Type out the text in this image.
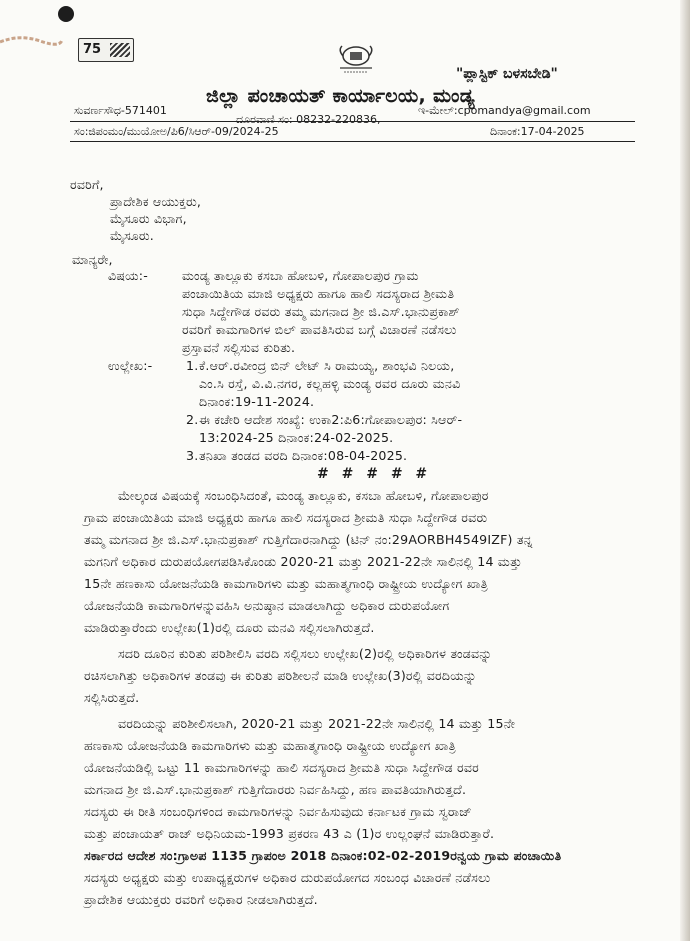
75
"ಪ್ಲಾಸ್ಟಿಕ್ ಬಳಸಬೇಡಿ"
ಜಿಲ್ಲಾ ಪಂಚಾಯತ್ ಕಾರ್ಯಾಲಯ, ಮಂಡ್ಯ
ಸುವರ್ಣಸೌಧ-571401
ದೂರವಾಣಿ ಸಂ: 08232-220836,
ಇ-ಮೇಲ್:cpomandya@gmail.com
ಸಂ:ಜಿಪಂಮಂ/ಮುಯೋಅ/ಪಿ6/ಸಿಆರ್-09/2024-25	ದಿನಾಂಕ:17-04-2025
ರವರಿಗೆ,
ಪ್ರಾದೇಶಿಕ ಆಯುಕ್ತರು,
ಮೈಸೂರು ವಿಭಾಗ,
ಮೈಸೂರು.
ಮಾನ್ಯರೇ,
ವಿಷಯ:-	ಮಂಡ್ಯ ತಾಲ್ಲೂಕು ಕಸಬಾ ಹೋಬಳಿ, ಗೋಪಾಲಪುರ ಗ್ರಾಮ
ಪಂಚಾಯಿತಿಯ ಮಾಜಿ ಅಧ್ಯಕ್ಷರು ಹಾಗೂ ಹಾಲಿ ಸದಸ್ಯರಾದ ಶ್ರೀಮತಿ
ಸುಧಾ ಸಿದ್ದೇಗೌಡ ರವರು ತಮ್ಮ ಮಗನಾದ ಶ್ರೀ ಜಿ.ಎಸ್.ಭಾನುಪ್ರಕಾಶ್
ರವರಿಗೆ ಕಾಮಗಾರಿಗಳ ಬಿಲ್ ಪಾವತಿಸಿರುವ ಬಗ್ಗೆ ವಿಚಾರಣೆ ನಡೆಸಲು
ಪ್ರಸ್ತಾವನೆ ಸಲ್ಲಿಸುವ ಕುರಿತು.
ಉಲ್ಲೇಖ:-	1. ಕೆ.ಆರ್.ರವೀಂದ್ರ ಬಿನ್ ಲೇಟ್ ಸಿ ರಾಮಯ್ಯ, ಶಾಂಭವಿ ನಿಲಯ,
ಎಂ.ಸಿ ರಸ್ತೆ, ವಿ.ವಿ.ನಗರ, ಕಲ್ಲಹಳ್ಳಿ ಮಂಡ್ಯ ರವರ ದೂರು ಮನವಿ
ದಿನಾಂಕ:19-11-2024.
2. ಈ ಕಚೇರಿ ಆದೇಶ ಸಂಖ್ಯೆ: ಉಕಾ2:ಪಿ6:ಗೋಪಾಲಪುರ: ಸಿಆರ್-
13:2024-25 ದಿನಾಂಕ:24-02-2025.
3. ತನಿಖಾ ತಂಡದ ವರದಿ ದಿನಾಂಕ:08-04-2025.
# # # # #
ಮೇಲ್ಕಂಡ ವಿಷಯಕ್ಕೆ ಸಂಬಂಧಿಸಿದಂತೆ, ಮಂಡ್ಯ ತಾಲ್ಲೂಕು, ಕಸಬಾ ಹೋಬಳಿ, ಗೋಪಾಲಪುರ
ಗ್ರಾಮ ಪಂಚಾಯಿತಿಯ ಮಾಜಿ ಅಧ್ಯಕ್ಷರು ಹಾಗೂ ಹಾಲಿ ಸದಸ್ಯರಾದ ಶ್ರೀಮತಿ ಸುಧಾ ಸಿದ್ದೇಗೌಡ ರವರು
ತಮ್ಮ ಮಗನಾದ ಶ್ರೀ ಜಿ.ಎಸ್.ಭಾನುಪ್ರಕಾಶ್ ಗುತ್ತಿಗೆದಾರನಾಗಿದ್ದು (ಟಿನ್ ನಂ:29AORBH4549IZF) ತನ್ನ
ಮಗನಿಗೆ ಅಧಿಕಾರ ದುರುಪಯೋಗಪಡಿಸಿಕೊಂಡು 2020-21 ಮತ್ತು 2021-22ನೇ ಸಾಲಿನಲ್ಲಿ 14 ಮತ್ತು
15ನೇ ಹಣಕಾಸು ಯೋಜನೆಯಡಿ ಕಾಮಗಾರಿಗಳು ಮತ್ತು ಮಹಾತ್ಮಗಾಂಧಿ ರಾಷ್ಟ್ರೀಯ ಉದ್ಯೋಗ ಖಾತ್ರಿ
ಯೋಜನೆಯಡಿ ಕಾಮಗಾರಿಗಳನ್ನುವಹಿಸಿ ಅನುಷ್ಠಾನ ಮಾಡಲಾಗಿದ್ದು ಅಧಿಕಾರ ದುರುಪಯೋಗ
ಮಾಡಿರುತ್ತಾರೆಂದು ಉಲ್ಲೇಖ(1)ರಲ್ಲಿ ದೂರು ಮನವಿ ಸಲ್ಲಿಸಲಾಗಿರುತ್ತದೆ.
ಸದರಿ ದೂರಿನ ಕುರಿತು ಪರಿಶೀಲಿಸಿ ವರದಿ ಸಲ್ಲಿಸಲು ಉಲ್ಲೇಖ(2)ರಲ್ಲಿ ಅಧಿಕಾರಿಗಳ ತಂಡವನ್ನು
ರಚಿಸಲಾಗಿತ್ತು ಅಧಿಕಾರಿಗಳ ತಂಡವು ಈ ಕುರಿತು ಪರಿಶೀಲನೆ ಮಾಡಿ ಉಲ್ಲೇಖ(3)ರಲ್ಲಿ ವರದಿಯನ್ನು
ಸಲ್ಲಿಸಿರುತ್ತದೆ.
ವರದಿಯನ್ನು ಪರಿಶೀಲಿಸಲಾಗಿ, 2020-21 ಮತ್ತು 2021-22ನೇ ಸಾಲಿನಲ್ಲಿ 14 ಮತ್ತು 15ನೇ
ಹಣಕಾಸು ಯೋಜನೆಯಡಿ ಕಾಮಗಾರಿಗಳು ಮತ್ತು ಮಹಾತ್ಮಗಾಂಧಿ ರಾಷ್ಟ್ರೀಯ ಉದ್ಯೋಗ ಖಾತ್ರಿ
ಯೋಜನೆಯಡಿಲ್ಲಿ ಒಟ್ಟು 11 ಕಾಮಗಾರಿಗಳನ್ನು ಹಾಲಿ ಸದಸ್ಯರಾದ ಶ್ರೀಮತಿ ಸುಧಾ ಸಿದ್ದೇಗೌಡ ರವರ
ಮಗನಾದ ಶ್ರೀ ಜಿ.ಎಸ್.ಭಾನುಪ್ರಕಾಶ್ ಗುತ್ತಿಗೆದಾರರು ನಿರ್ವಹಿಸಿದ್ದು, ಹಣ ಪಾವತಿಯಾಗಿರುತ್ತದೆ.
ಸದಸ್ಯರು ಈ ರೀತಿ ಸಂಬಂಧಿಗಳಿಂದ ಕಾಮಗಾರಿಗಳನ್ನು ನಿರ್ವಹಿಸುವುದು ಕರ್ನಾಟಕ ಗ್ರಾಮ ಸ್ವರಾಜ್
ಮತ್ತು ಪಂಚಾಯತ್ ರಾಜ್ ಅಧಿನಿಯಮ-1993 ಪ್ರಕರಣ 43 ಎ (1)ರ ಉಲ್ಲಂಘನೆ ಮಾಡಿರುತ್ತಾರೆ.
ಸರ್ಕಾರದ ಆದೇಶ ಸಂ:ಗ್ರಾಅಪ 1135 ಗ್ರಾಪಂಅ 2018 ದಿನಾಂಕ:02-02-2019ರನ್ವಯ ಗ್ರಾಮ ಪಂಚಾಯಿತಿ
ಸದಸ್ಯರು ಅಧ್ಯಕ್ಷರು ಮತ್ತು ಉಪಾಧ್ಯಕ್ಷರುಗಳ ಅಧಿಕಾರ ದುರುಪಯೋಗದ ಸಂಬಂಧ ವಿಚಾರಣೆ ನಡೆಸಲು
ಪ್ರಾದೇಶಿಕ ಆಯುಕ್ತರು ರವರಿಗೆ ಅಧಿಕಾರ ನೀಡಲಾಗಿರುತ್ತದೆ.
